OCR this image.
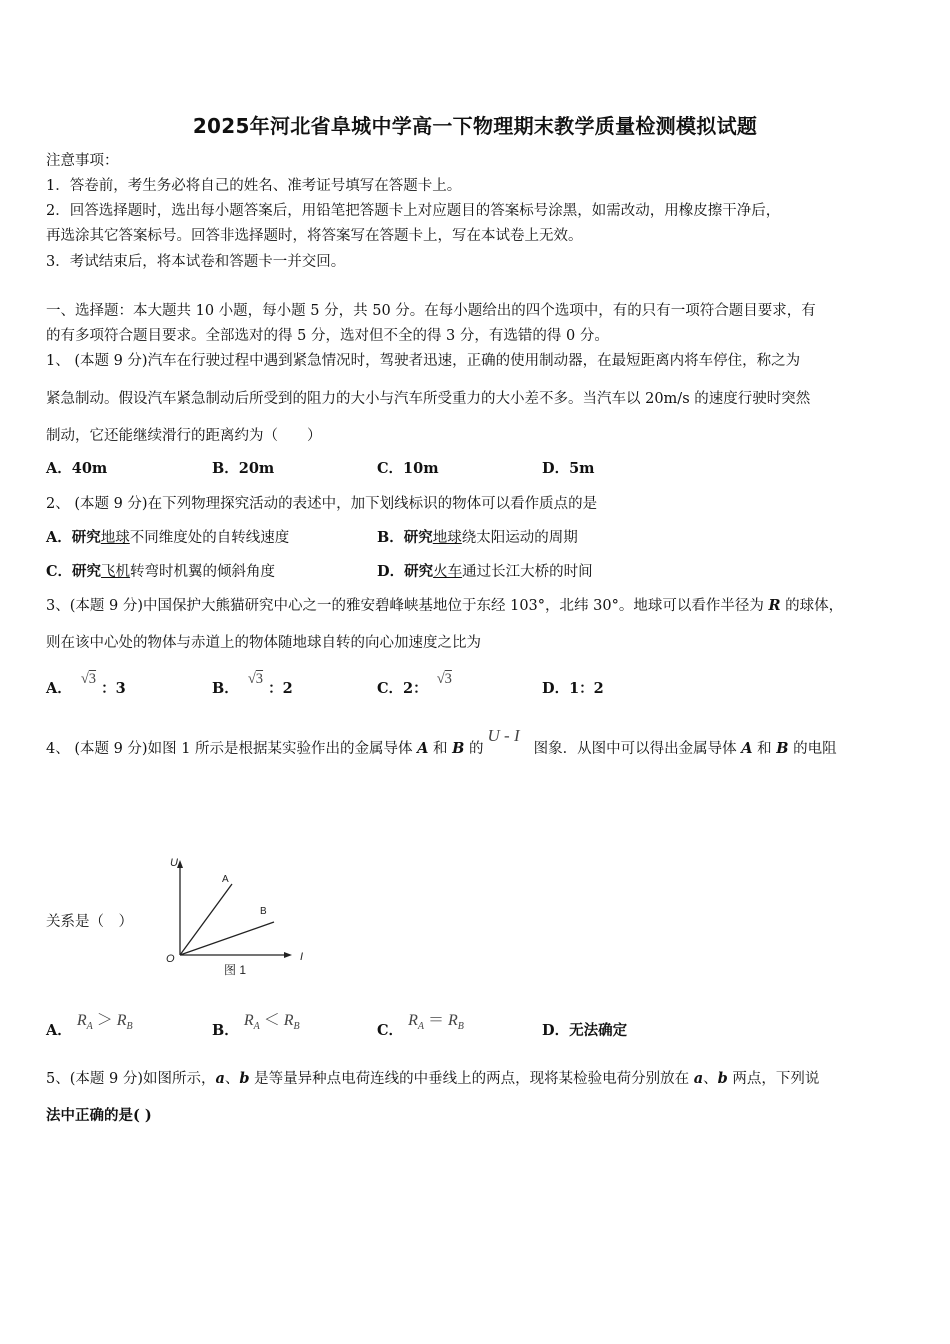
2025年河北省阜城中学高一下物理期末教学质量检测模拟试题
注意事项：
1．答卷前，考生务必将自己的姓名、准考证号填写在答题卡上。
2．回答选择题时，选出每小题答案后，用铅笔把答题卡上对应题目的答案标号涂黑，如需改动，用橡皮擦干净后，
再选涂其它答案标号。回答非选择题时，将答案写在答题卡上，写在本试卷上无效。
3．考试结束后，将本试卷和答题卡一并交回。
一、选择题：本大题共 10 小题，每小题 5 分，共 50 分。在每小题给出的四个选项中，有的只有一项符合题目要求，有
的有多项符合题目要求。全部选对的得 5 分，选对但不全的得 3 分，有选错的得 0 分。
1、 (本题 9 分)汽车在行驶过程中遇到紧急情况时，驾驶者迅速，正确的使用制动器，在最短距离内将车停住，称之为
紧急制动。假设汽车紧急制动后所受到的阻力的大小与汽车所受重力的大小差不多。当汽车以 20m/s 的速度行驶时突然
制动，它还能继续滑行的距离约为（　　）
A．40m	B．20m	C．10m	D．5m
2、 (本题 9 分)在下列物理探究活动的表述中，加下划线标识的物体可以看作质点的是
A．研究地球不同维度处的自转线速度	B．研究地球绕太阳运动的周期
C．研究飞机转弯时机翼的倾斜角度	D．研究火车通过长江大桥的时间
3、(本题 9 分)中国保护大熊猫研究中心之一的雅安碧峰峡基地位于东经 103°，北纬 30°。地球可以看作半径为 R 的球体，
则在该中心处的物体与赤道上的物体随地球自转的向心加速度之比为
A． √3 ：3	B． √3 ：2	C．2： √3
D．1：2
4、 (本题 9 分)如图 1 所示是根据某实验作出的金属导体 A 和 B 的U - I图象．从图中可以得出金属导体 A 和 B 的电阻
关系是（　）
U
I
O
A
B
图 1
A． $R_A > R_B$	B． $R_A < R_B$	C． $R_A = R_B$	D．无法确定
5、(本题 9 分)如图所示，a、b 是等量异种点电荷连线的中垂线上的两点，现将某检验电荷分别放在 a、b 两点，下列说
法中正确的是( )
